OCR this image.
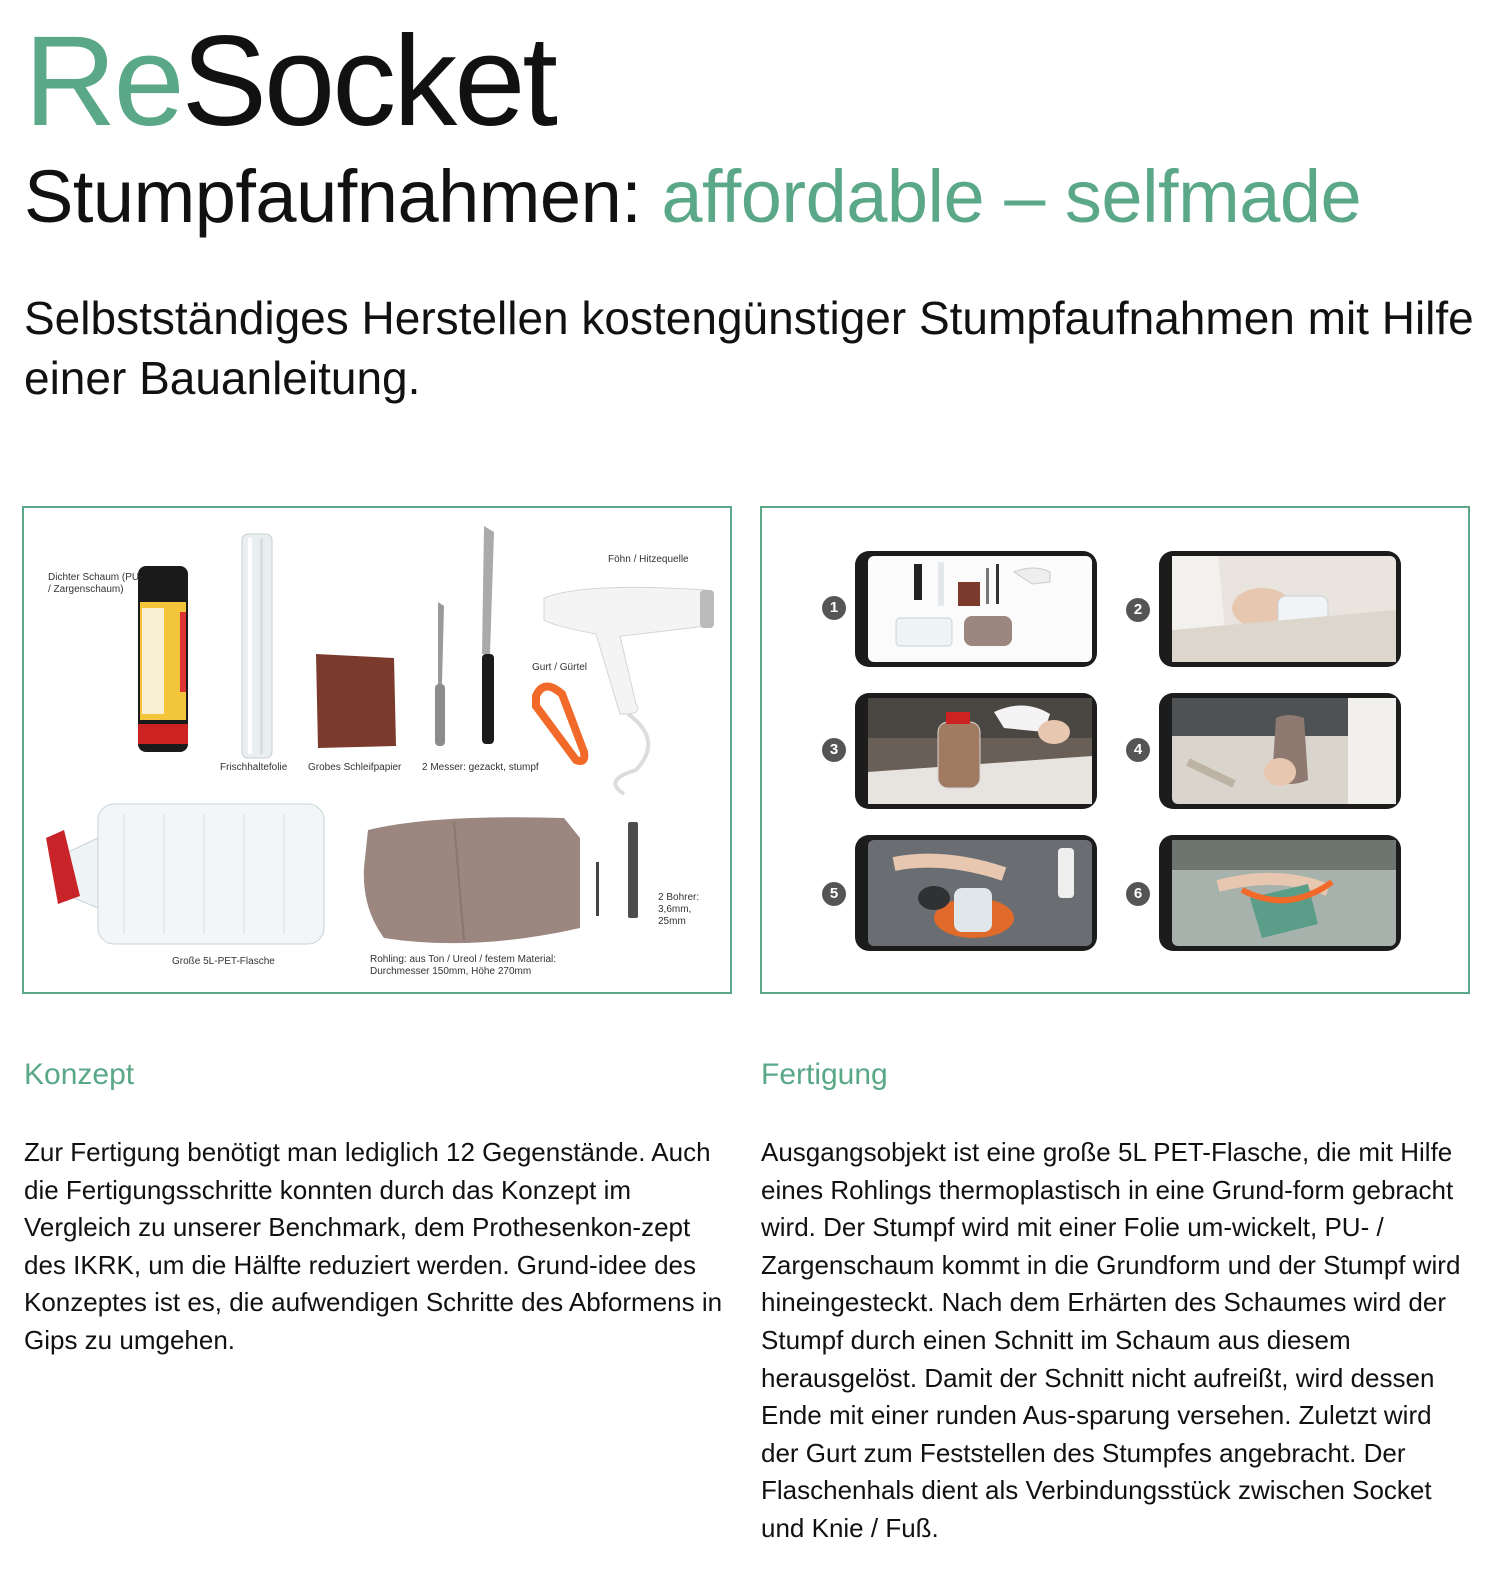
ReSocket
Stumpfaufnahmen: affordable – selfmade
Selbstständiges Herstellen kostengünstiger Stumpfaufnahmen mit Hilfe einer Bauanleitung.
Dichter Schaum (PU-
/ Zargenschaum)
Frischhaltefolie Grobes Schleifpapier 2 Messer: gezackt, stumpf
Föhn / Hitzequelle
Gurt / Gürtel
Große 5L-PET-Flasche	Rohling: aus Ton / Ureol / festem Material:
Durchmesser 150mm, Höhe 270mm
2 Bohrer:
3,6mm,
25mm
1	2
3	4
5	6
Konzept
Zur Fertigung benötigt man lediglich 12 Gegenstände. Auch die Fertigungsschritte konnten durch das Konzept im Vergleich zu unserer Benchmark, dem Prothesenkon-zept des IKRK, um die Hälfte reduziert werden. Grund-idee des Konzeptes ist es, die aufwendigen Schritte des Abformens in Gips zu umgehen.
Fertigung
Ausgangsobjekt ist eine große 5L PET-Flasche, die mit Hilfe eines Rohlings thermoplastisch in eine Grund-form gebracht wird. Der Stumpf wird mit einer Folie um-wickelt, PU- / Zargenschaum kommt in die Grundform und der Stumpf wird hineingesteckt. Nach dem Erhärten des Schaumes wird der Stumpf durch einen Schnitt im Schaum aus diesem herausgelöst. Damit der Schnitt nicht aufreißt, wird dessen Ende mit einer runden Aus-sparung versehen. Zuletzt wird der Gurt zum Feststellen des Stumpfes angebracht. Der Flaschenhals dient als Verbindungsstück zwischen Socket und Knie / Fuß.
